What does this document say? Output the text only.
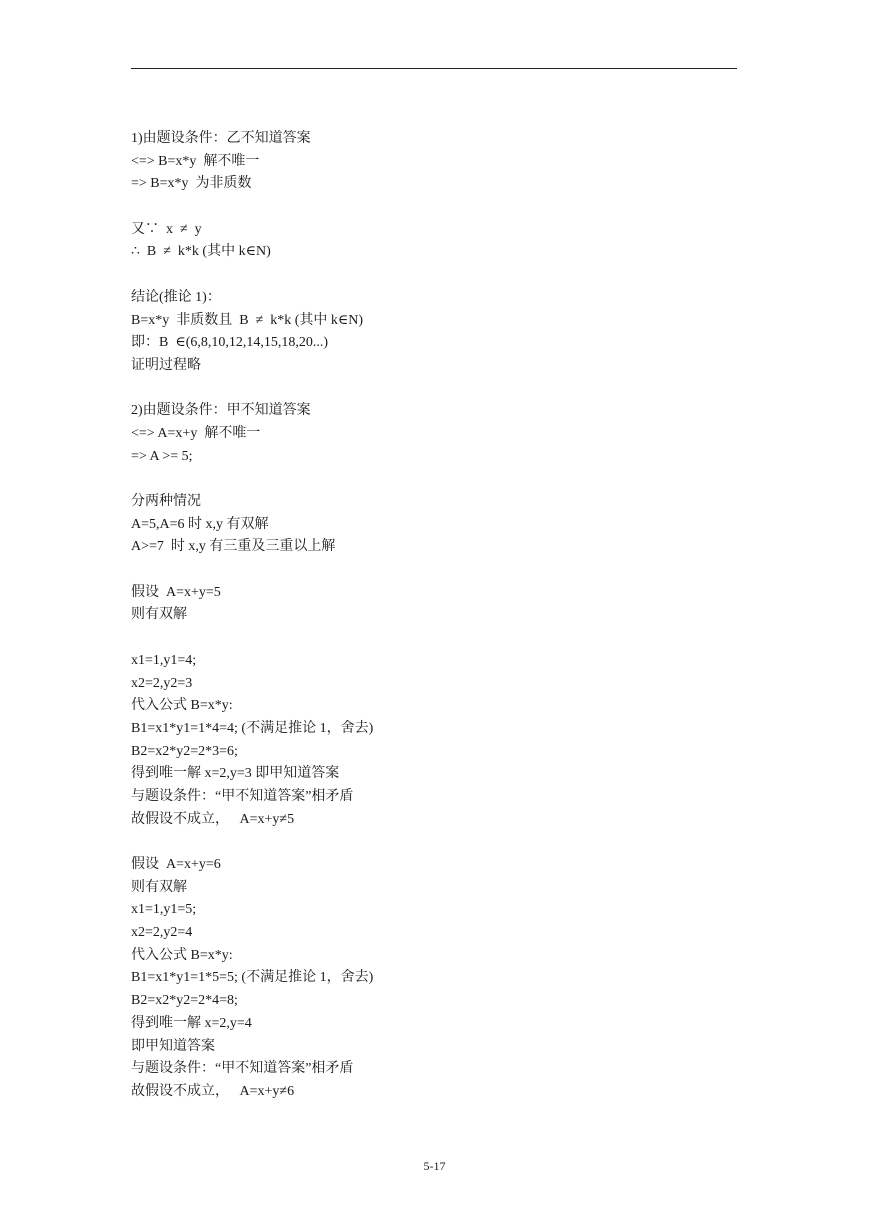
1)由题设条件：乙不知道答案
<=> B=x*y  解不唯一
=> B=x*y  为非质数
又∵  x  ≠  y
∴  B  ≠  k*k (其中 k∈N)
结论(推论 1)：
B=x*y  非质数且  B  ≠  k*k (其中 k∈N)
即：B  ∈(6,8,10,12,14,15,18,20...)
证明过程略
2)由题设条件：甲不知道答案
<=> A=x+y  解不唯一
=> A >= 5;
分两种情况
A=5,A=6 时 x,y 有双解
A>=7  时 x,y 有三重及三重以上解
假设  A=x+y=5
则有双解
x1=1,y1=4;
x2=2,y2=3
代入公式 B=x*y:
B1=x1*y1=1*4=4; (不满足推论 1，舍去)
B2=x2*y2=2*3=6;
得到唯一解 x=2,y=3 即甲知道答案
与题设条件：“甲不知道答案”相矛盾
故假设不成立，   A=x+y≠5
假设  A=x+y=6
则有双解
x1=1,y1=5;
x2=2,y2=4
代入公式 B=x*y:
B1=x1*y1=1*5=5; (不满足推论 1，舍去)
B2=x2*y2=2*4=8;
得到唯一解 x=2,y=4
即甲知道答案
与题设条件：“甲不知道答案”相矛盾
故假设不成立，   A=x+y≠6
5-17
